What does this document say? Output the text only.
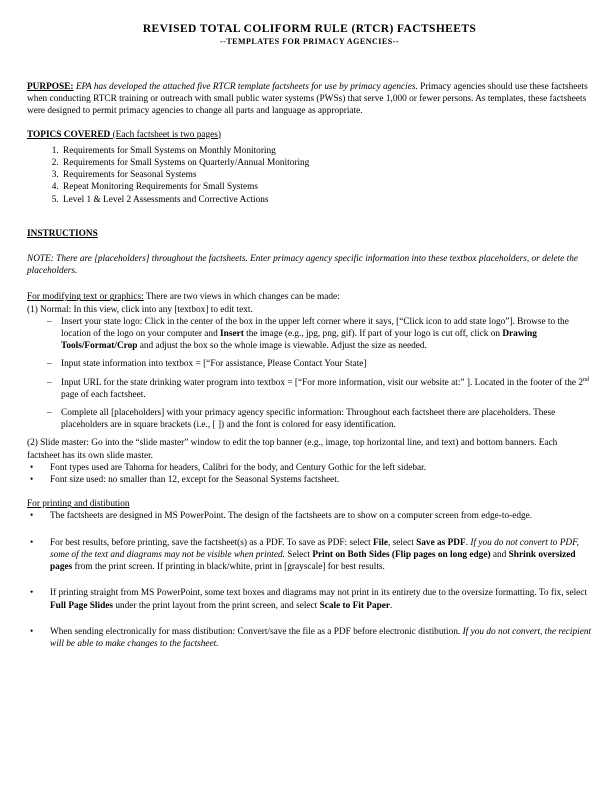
REVISED TOTAL COLIFORM RULE (RTCR) FACTSHEETS

--TEMPLATES FOR PRIMACY AGENCIES--

PURPOSE: EPA has developed the attached five RTCR template factsheets for use by primacy agencies. Primacy agencies should use these factsheets when conducting RTCR training or outreach with small public water systems (PWSs) that serve 1,000 or fewer persons. As templates, these factsheets were designed to permit primacy agencies to change all parts and language as appropriate.

TOPICS COVERED (Each factsheet is two pages)
1. Requirements for Small Systems on Monthly Monitoring
2. Requirements for Small Systems on Quarterly/Annual Monitoring
3. Requirements for Seasonal Systems
4. Repeat Monitoring Requirements for Small Systems
5. Level 1 & Level 2 Assessments and Corrective Actions
INSTRUCTIONS
NOTE: There are [placeholders] throughout the factsheets. Enter primacy agency specific information into these textbox placeholders, or delete the placeholders.
For modifying text or graphics: There are two views in which changes can be made:
(1) Normal: In this view, click into any [textbox] to edit text.
– Insert your state logo: Click in the center of the box in the upper left corner where it says, [“Click icon to add state logo”]. Browse to the location of the logo on your computer and Insert the image (e.g., jpg, png, gif). If part of your logo is cut off, click on Drawing Tools/Format/Crop and adjust the box so the whole image is viewable. Adjust the size as needed.
– Input state information into textbox = [“For assistance, Please Contact Your State]
– Input URL for the state drinking water program into textbox = [“For more information, visit our website at:” ]. Located in the footer of the 2nd page of each factsheet.
– Complete all [placeholders] with your primacy agency specific information: Throughout each factsheet there are placeholders. These placeholders are in square brackets (i.e., [ ]) and the font is colored for easy identification.
(2) Slide master: Go into the “slide master” window to edit the top banner (e.g., image, top horizontal line, and text) and bottom banners. Each factsheet has its own slide master.
• Font types used are Tahoma for headers, Calibri for the body, and Century Gothic for the left sidebar.
• Font size used: no smaller than 12, except for the Seasonal Systems factsheet.
For printing and distibution
• The factsheets are designed in MS PowerPoint. The design of the factsheets are to show on a computer screen from edge-to-edge.
• For best results, before printing, save the factsheet(s) as a PDF. To save as PDF: select File, select Save as PDF. If you do not convert to PDF, some of the text and diagrams may not be visible when printed. Select Print on Both Sides (Flip pages on long edge) and Shrink oversized pages from the print screen. If printing in black/white, print in [grayscale] for best results.
• If printing straight from MS PowerPoint, some text boxes and diagrams may not print in its entirety due to the oversize formatting. To fix, select Full Page Slides under the print layout from the print screen, and select Scale to Fit Paper.
• When sending electronically for mass distibution: Convert/save the file as a PDF before electronic distibution. If you do not convert, the recipient will be able to make changes to the factsheet.
